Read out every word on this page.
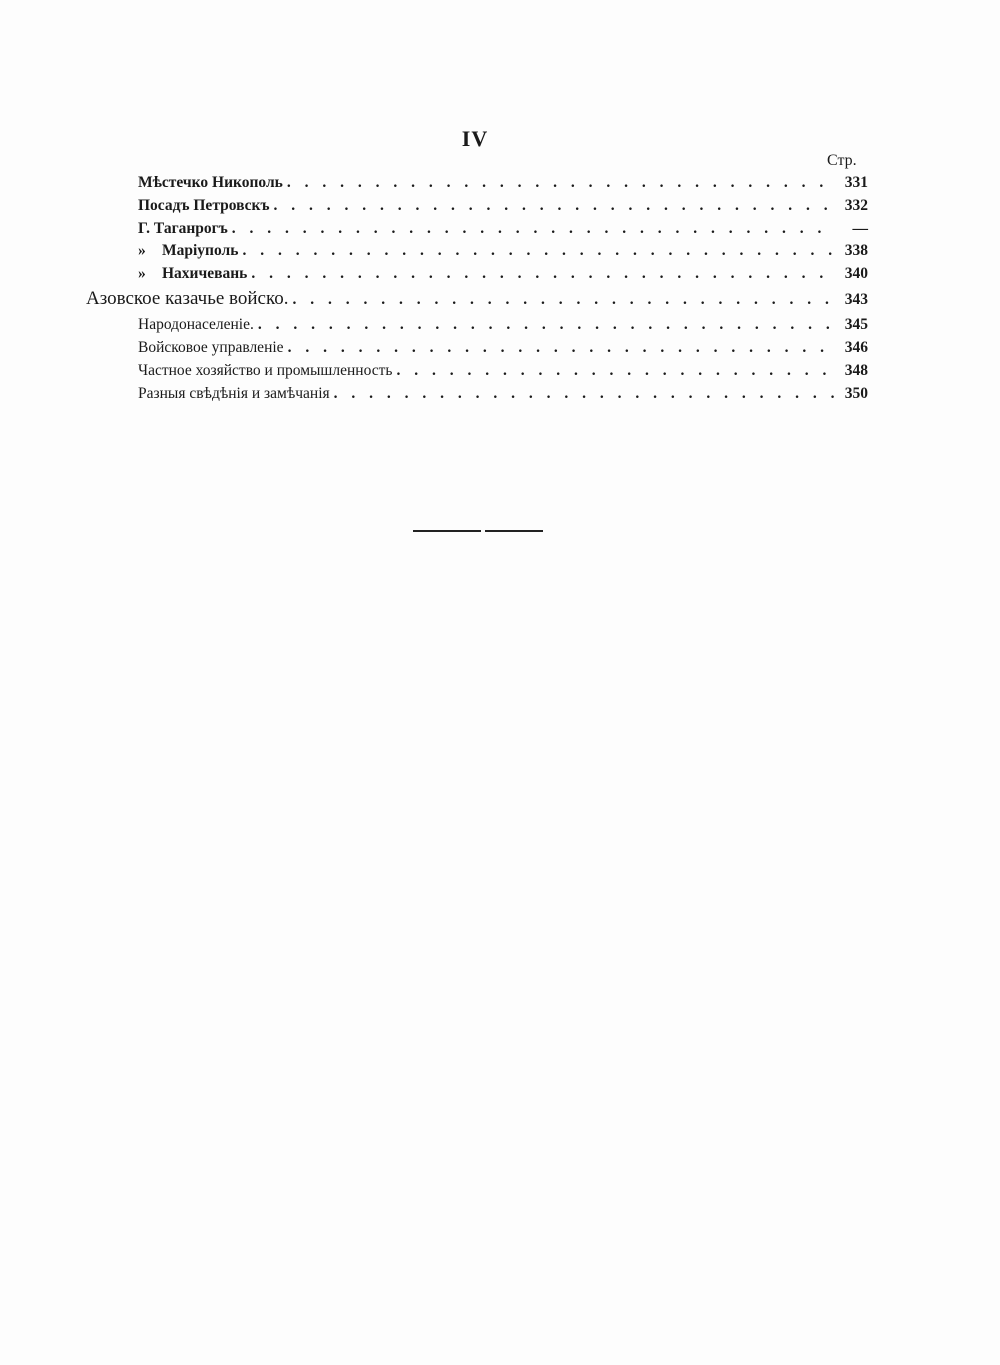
IV
Стр.
Мѣстечко Никополь . . .	331
Посадъ Петровскъ . . .	332
Г. Таганрогъ . . .	—
»	Маріуполь . . .	338
»	Нахичевань . . .	340
Азовское казачье войско. . . .	343
Народонаселеніе. . . .	345
Войсковое управленіе . . .	346
Частное хозяйство и промышленность . . .	348
Разныя свѣдѣнія и замѣчанія . . .	350
